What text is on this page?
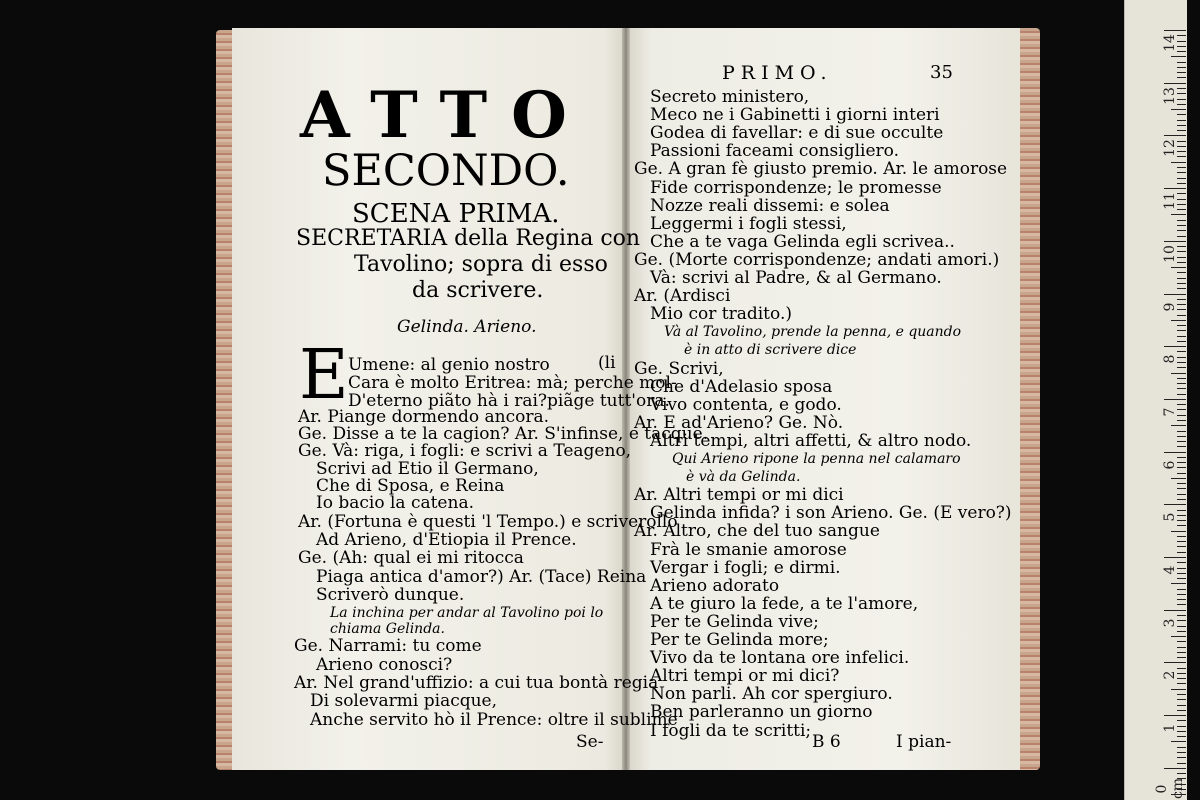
ATTO
SECONDO.
SCENA PRIMA.
SECRETARIA della Regina con
Tavolino; sopra di esso
da scrivere.
Gelinda. Arieno.
E	(li
Umene: al genio nostro
Cara è molto Eritrea: mà; perche mol-
D'eterno piãto hà i rai?piãge tutt'ora.
Ar. Piange dormendo ancora.
Ge. Disse a te la cagion? Ar. S'infinse, e tacque.
Ge. Và: riga, i fogli: e scrivi a Teageno,
Scrivi ad Etio il Germano,
Che di Sposa, e Reina
Io bacio la catena.
Ar. (Fortuna è questi 'l Tempo.) e scriverollo
Ad Arieno, d'Etiopia il Prence.
Ge. (Ah: qual ei mi ritocca
Piaga antica d'amor?) Ar. (Tace) Reina
Scriverò dunque.
La inchina per andar al Tavolino poi lo
chiama Gelinda.
Ge. Narrami: tu come
Arieno conosci?
Ar. Nel grand'uffizio: a cui tua bontà regia
Di solevarmi piacque,
Anche servito hò il Prence: oltre il sublime
Se-
PRIMO.	35
Secreto ministero,
Meco ne i Gabinetti i giorni interi
Godea di favellar: e di sue occulte
Passioni faceami consigliero.
Ge. A gran fè giusto premio. Ar. le amorose
Fide corrispondenze; le promesse
Nozze reali dissemi: e solea
Leggermi i fogli stessi,
Che a te vaga Gelinda egli scrivea..
Ge. (Morte corrispondenze; andati amori.)
Và: scrivi al Padre, & al Germano.
Ar. (Ardisci
Mio cor tradito.)
Và al Tavolino, prende la penna, e quando
è in atto di scrivere dice
Ge. Scrivi,
Che d'Adelasio sposa
Vivo contenta, e godo.
Ar. E ad'Arieno? Ge. Nò.
Altri tempi, altri affetti, & altro nodo.
Qui Arieno ripone la penna nel calamaro
è và da Gelinda.
Ar. Altri tempi or mi dici
Gelinda infida? i son Arieno. Ge. (E vero?)
Ar. Altro, che del tuo sangue
Frà le smanie amorose
Vergar i fogli; e dirmi.
Arieno adorato
A te giuro la fede, a te l'amore,
Per te Gelinda vive;
Per te Gelinda more;
Vivo da te lontana ore infelici.
Altri tempi or mi dici?
Non parli. Ah cor spergiuro.
Ben parleranno un giorno
I fogli da te scritti;
B 6	I pian-
14
13
12
11
10
9
8
7
6
5
4
3
2
1
0 cm
